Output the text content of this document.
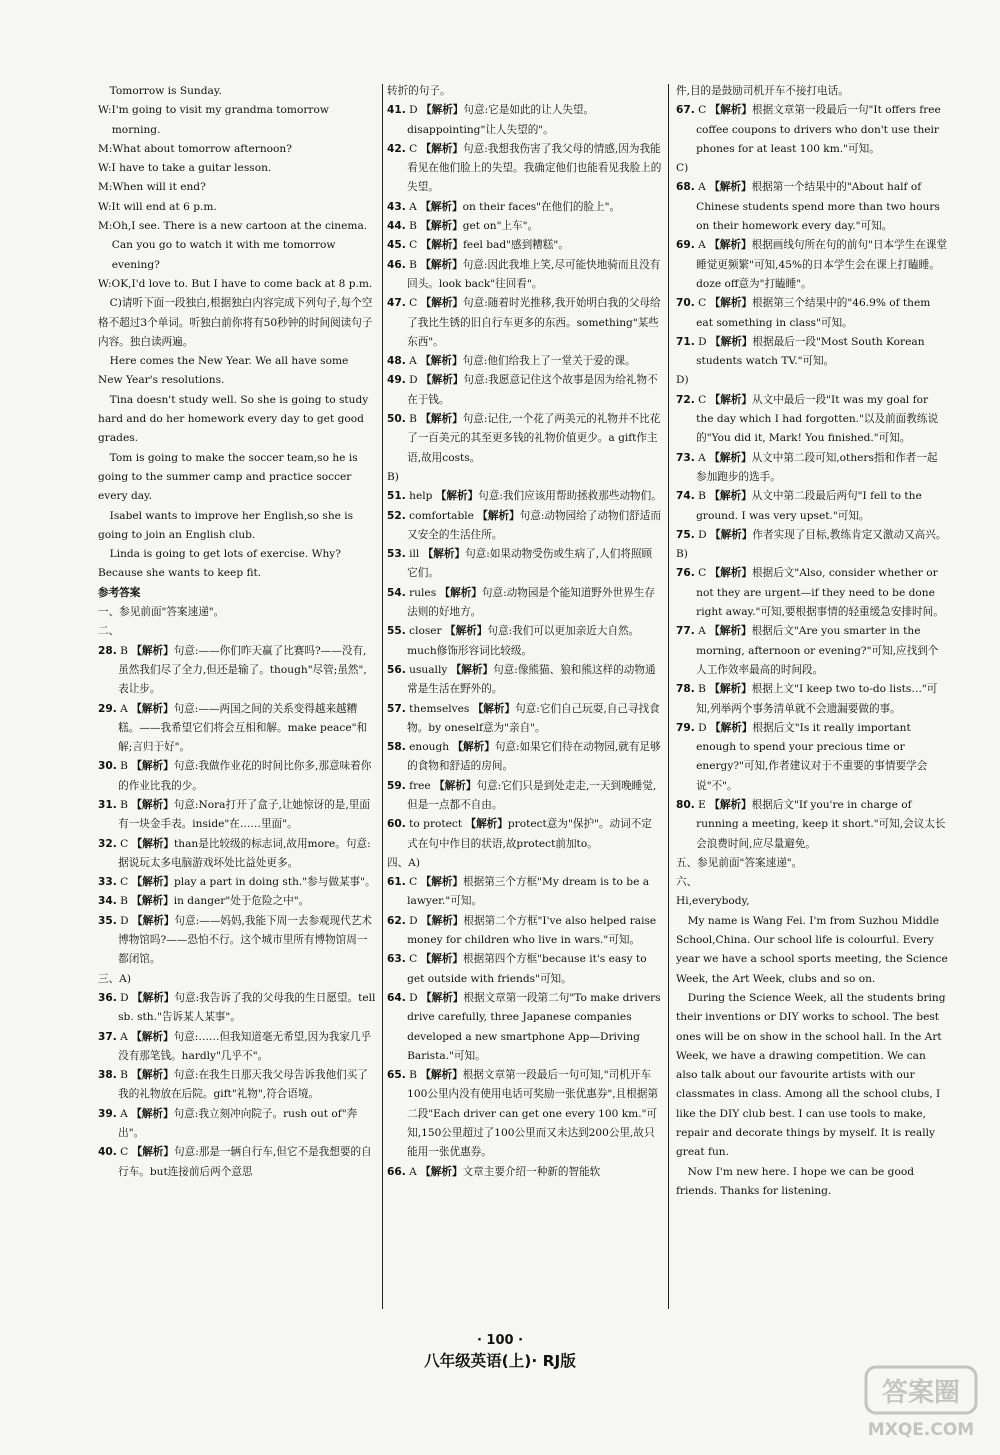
Tomorrow is Sunday.

W:I'm going to visit my grandma tomorrow morning.

M:What about tomorrow afternoon?

W:I have to take a guitar lesson.

M:When will it end?

W:It will end at 6 p.m.

M:Oh,I see. There is a new cartoon at the cinema. Can you go to watch it with me tomorrow evening?

W:OK,I'd love to. But I have to come back at 8 p.m.

C)请听下面一段独白,根据独白内容完成下列句子,每个空格不超过3个单词。听独白前你将有50秒钟的时间阅读句子内容。独白读两遍。

Here comes the New Year. We all have some New Year's resolutions.

Tina doesn't study well. So she is going to study hard and do her homework every day to get good grades.

Tom is going to make the soccer team,so he is going to the summer camp and practice soccer every day.

Isabel wants to improve her English,so she is going to join an English club.

Linda is going to get lots of exercise. Why? Because she wants to keep fit.

参考答案

一、参见前面"答案速递"。

二、

28. B 【解析】句意:——你们昨天赢了比赛吗?——没有,虽然我们尽了全力,但还是输了。though"尽管;虽然",表让步。

29. A 【解析】句意:——两国之间的关系变得越来越糟糕。——我希望它们将会互相和解。make peace"和解;言归于好"。

30. B 【解析】句意:我做作业花的时间比你多,那意味着你的作业比我的少。

31. B 【解析】句意:Nora打开了盒子,让她惊讶的是,里面有一块金手表。inside"在……里面"。

32. C 【解析】than是比较级的标志词,故用more。句意:据说玩太多电脑游戏坏处比益处更多。

33. C 【解析】play a part in doing sth."参与做某事"。

34. B 【解析】in danger"处于危险之中"。

35. D 【解析】句意:——妈妈,我能下周一去参观现代艺术博物馆吗?——恐怕不行。这个城市里所有博物馆周一都闭馆。

三、A)

36. D 【解析】句意:我告诉了我的父母我的生日愿望。tell sb. sth."告诉某人某事"。

37. A 【解析】句意:……但我知道毫无希望,因为我家几乎没有那笔钱。hardly"几乎不"。

38. B 【解析】句意:在我生日那天我父母告诉我他们买了我的礼物放在后院。gift"礼物",符合语境。

39. A 【解析】句意:我立刻冲向院子。rush out of"奔出"。

40. C 【解析】句意:那是一辆自行车,但它不是我想要的自行车。but连接前后两个意思

转折的句子。

41. D 【解析】句意:它是如此的让人失望。disappointing"让人失望的"。

42. C 【解析】句意:我想我伤害了我父母的情感,因为我能看见在他们脸上的失望。我确定他们也能看见我脸上的失望。

43. A 【解析】on their faces"在他们的脸上"。

44. B 【解析】get on"上车"。

45. C 【解析】feel bad"感到糟糕"。

46. B 【解析】句意:因此我堆上笑,尽可能快地骑而且没有回头。look back"往回看"。

47. C 【解析】句意:随着时光推移,我开始明白我的父母给了我比生锈的旧自行车更多的东西。something"某些东西"。

48. A 【解析】句意:他们给我上了一堂关于爱的课。

49. D 【解析】句意:我愿意记住这个故事是因为给礼物不在于钱。

50. B 【解析】句意:记住,一个花了两美元的礼物并不比花了一百美元的其至更多钱的礼物价值更少。a gift作主语,故用costs。

B)

51. help 【解析】句意:我们应该用帮助拯救那些动物们。

52. comfortable 【解析】句意:动物园给了动物们舒适而又安全的生活住所。

53. ill 【解析】句意:如果动物受伤或生病了,人们将照顾它们。

54. rules 【解析】句意:动物园是个能知道野外世界生存法则的好地方。

55. closer 【解析】句意:我们可以更加亲近大自然。much修饰形容词比较级。

56. usually 【解析】句意:像熊猫、狼和熊这样的动物通常是生活在野外的。

57. themselves 【解析】句意:它们自己玩耍,自己寻找食物。by oneself意为"亲自"。

58. enough 【解析】句意:如果它们待在动物园,就有足够的食物和舒适的房间。

59. free 【解析】句意:它们只是到处走走,一天到晚睡觉,但是一点都不自由。

60. to protect 【解析】protect意为"保护"。动词不定式在句中作目的状语,故protect前加to。

四、A)

61. C 【解析】根据第三个方框"My dream is to be a lawyer."可知。

62. D 【解析】根据第二个方框"I've also helped raise money for children who live in wars."可知。

63. C 【解析】根据第四个方框"because it's easy to get outside with friends"可知。

64. D 【解析】根据文章第一段第二句"To make drivers drive carefully, three Japanese companies developed a new smartphone App—Driving Barista."可知。

65. B 【解析】根据文章第一段最后一句可知,"司机开车100公里内没有使用电话可奖励一张优惠券",且根据第二段"Each driver can get one every 100 km."可知,150公里超过了100公里而又未达到200公里,故只能用一张优惠券。

66. A 【解析】文章主要介绍一种新的智能软

件,目的是鼓励司机开车不接打电话。

67. C 【解析】根据文章第一段最后一句"It offers free coffee coupons to drivers who don't use their phones for at least 100 km."可知。

C)

68. A 【解析】根据第一个结果中的"About half of Chinese students spend more than two hours on their homework every day."可知。

69. A 【解析】根据画线句所在句的前句"日本学生在课堂睡觉更频繁"可知,45%的日本学生会在课上打瞌睡。doze off意为"打瞌睡"。

70. C 【解析】根据第三个结果中的"46.9% of them eat something in class"可知。

71. D 【解析】根据最后一段"Most South Korean students watch TV."可知。

D)

72. C 【解析】从文中最后一段"It was my goal for the day which I had forgotten."以及前面教练说的"You did it, Mark! You finished."可知。

73. A 【解析】从文中第二段可知,others指和作者一起参加跑步的选手。

74. B 【解析】从文中第二段最后两句"I fell to the ground. I was very upset."可知。

75. D 【解析】作者实现了目标,教练肯定又激动又高兴。

B)

76. C 【解析】根据后文"Also, consider whether or not they are urgent—if they need to be done right away."可知,要根据事情的轻重缓急安排时间。

77. A 【解析】根据后文"Are you smarter in the morning, afternoon or evening?"可知,应找到个人工作效率最高的时间段。

78. B 【解析】根据上文"I keep two to-do lists…"可知,列举两个事务清单就不会遗漏要做的事。

79. D 【解析】根据后文"Is it really important enough to spend your precious time or energy?"可知,作者建议对于不重要的事情要学会说"不"。

80. E 【解析】根据后文"If you're in charge of running a meeting, keep it short."可知,会议太长会浪费时间,应尽量避免。

五、参见前面"答案速递"。

六、

Hi,everybody,

My name is Wang Fei. I'm from Suzhou Middle School,China. Our school life is colourful. Every year we have a school sports meeting, the Science Week, the Art Week, clubs and so on.

During the Science Week, all the students bring their inventions or DIY works to school. The best ones will be on show in the school hall. In the Art Week, we have a drawing competition. We can also talk about our favourite artists with our classmates in class. Among all the school clubs, I like the DIY club best. I can use tools to make, repair and decorate things by myself. It is really great fun.

Now I'm new here. I hope we can be good friends. Thanks for listening.

· 100 ·
八年级英语(上)· RJ版
答案圈
MXQE.COM
